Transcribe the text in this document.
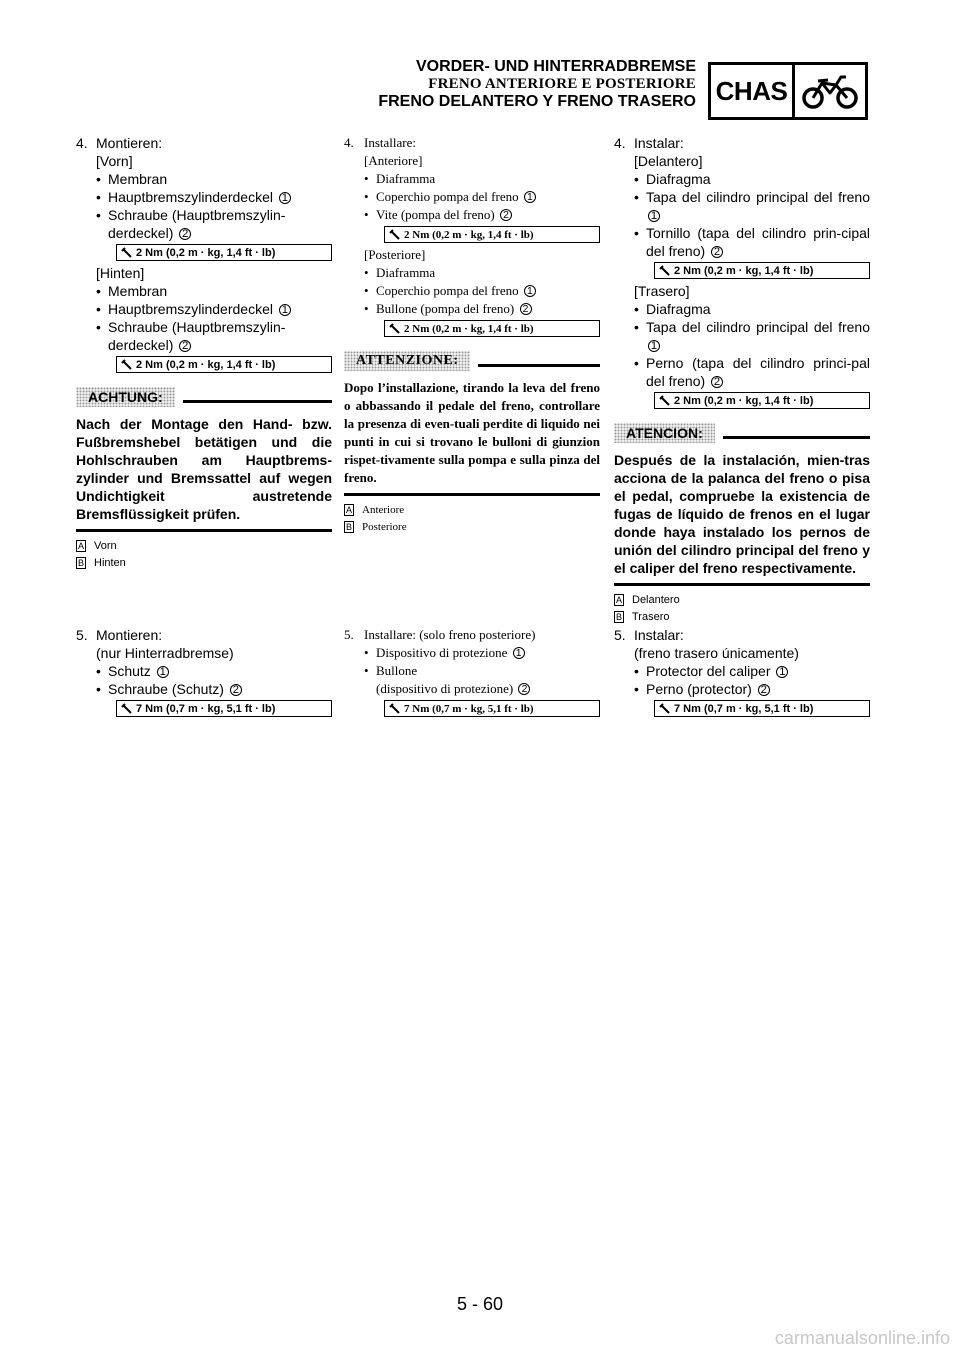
VORDER- UND HINTERRADBREMSE
FRENO ANTERIORE E POSTERIORE
FRENO DELANTERO Y FRENO TRASERO CHAS
4. Montieren:
[Vorn]
• Membran
• Hauptbremszylinderdeckel 1
• Schraube (Hauptbremszylin-derdeckel) 2
2 Nm (0,2 m · kg, 1,4 ft · lb)
[Hinten]
• Membran
• Hauptbremszylinderdeckel 1
• Schraube (Hauptbremszylin-derdeckel) 2
2 Nm (0,2 m · kg, 1,4 ft · lb)
ACHTUNG:
Nach der Montage den Hand- bzw. Fußbremshebel betätigen und die Hohlschrauben am Hauptbrems-zylinder und Bremssattel auf wegen Undichtigkeit austretende Bremsflüssigkeit prüfen.
A Vorn
B Hinten
5. Montieren:
(nur Hinterradbremse)
• Schutz 1
• Schraube (Schutz) 2
7 Nm (0,7 m · kg, 5,1 ft · lb)
4. Installare:
[Anteriore]
• Diaframma
• Coperchio pompa del freno 1
• Vite (pompa del freno) 2
2 Nm (0,2 m · kg, 1,4 ft · lb)
[Posteriore]
• Diaframma
• Coperchio pompa del freno 1
• Bullone (pompa del freno) 2
2 Nm (0,2 m · kg, 1,4 ft · lb)
ATTENZIONE:
Dopo l’installazione, tirando la leva del freno o abbassando il pedale del freno, controllare la presenza di even-tuali perdite di liquido nei punti in cui si trovano le bulloni di giunzion rispet-tivamente sulla pompa e sulla pinza del freno.
A Anteriore
B Posteriore
5. Installare: (solo freno posteriore)
• Dispositivo di protezione 1
• Bullone
(dispositivo di protezione) 2
7 Nm (0,7 m · kg, 5,1 ft · lb)
4. Instalar:
[Delantero]
• Diafragma
• Tapa del cilindro principal del freno 1
• Tornillo (tapa del cilindro prin-cipal del freno) 2
2 Nm (0,2 m · kg, 1,4 ft · lb)
[Trasero]
• Diafragma
• Tapa del cilindro principal del freno 1
• Perno (tapa del cilindro princi-pal del freno) 2
2 Nm (0,2 m · kg, 1,4 ft · lb)
ATENCION:
Después de la instalación, mien-tras acciona de la palanca del freno o pisa el pedal, compruebe la existencia de fugas de líquido de frenos en el lugar donde haya instalado los pernos de unión del cilindro principal del freno y el caliper del freno respectivamente.
A Delantero
B Trasero
5. Instalar:
(freno trasero únicamente)
• Protector del caliper 1
• Perno (protector) 2
7 Nm (0,7 m · kg, 5,1 ft · lb)
5 - 60
carmanualsonline.info
